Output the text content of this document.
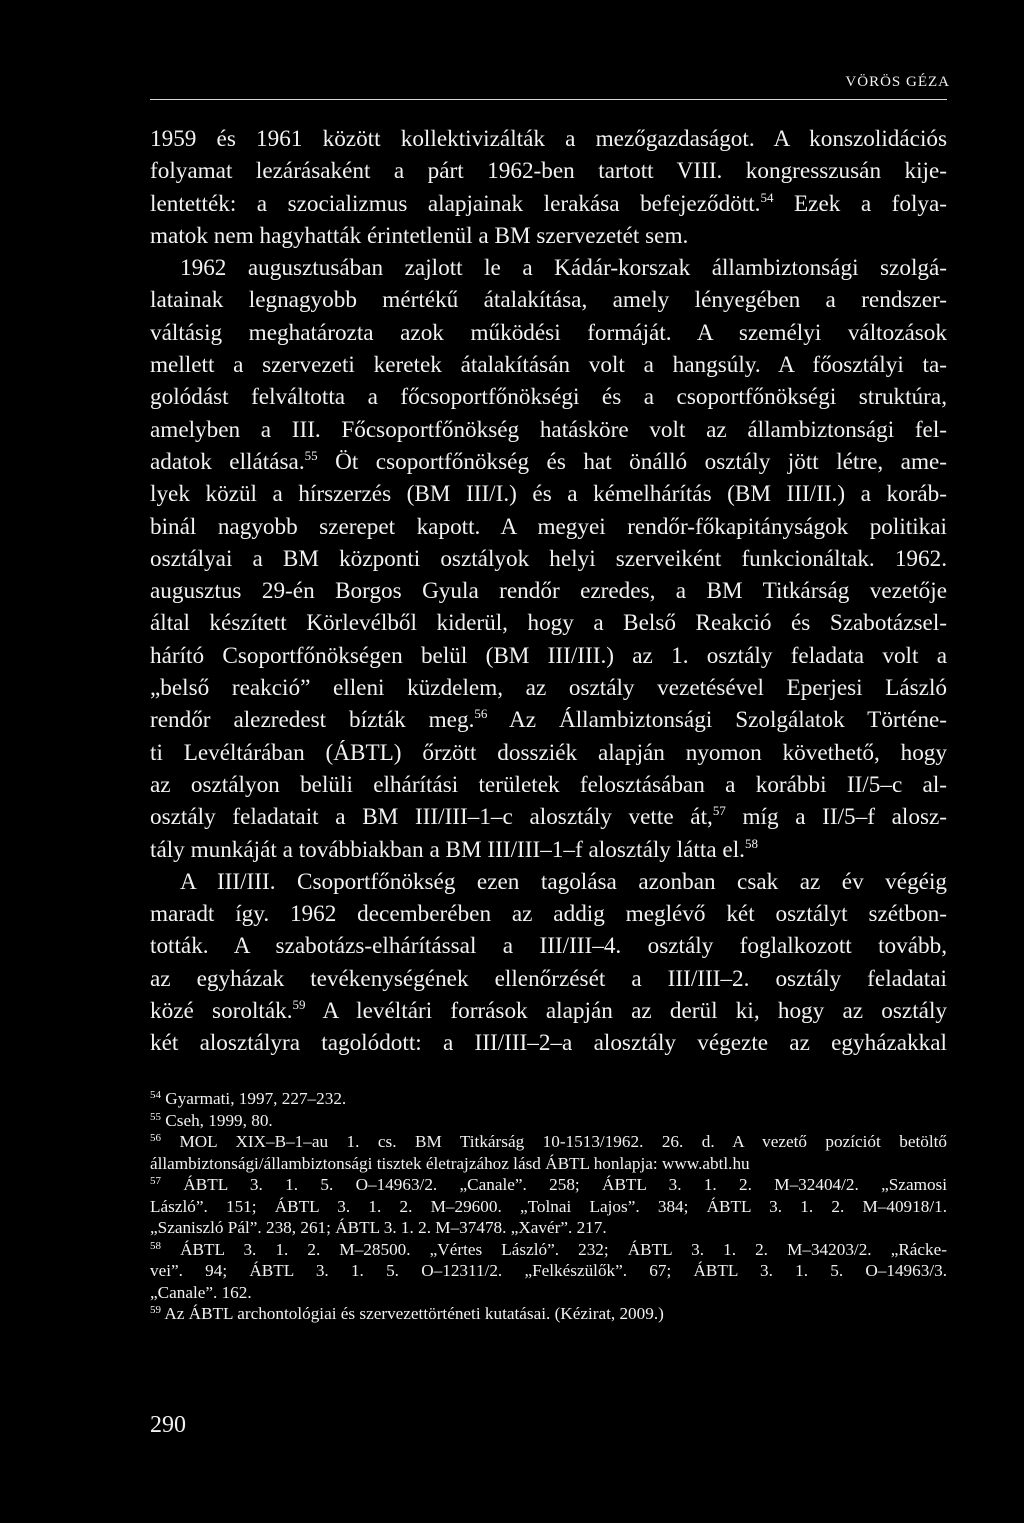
VÖRÖS GÉZA
1959 és 1961 között kollektivizálták a mezőgazdaságot. A konszolidációs
folyamat lezárásaként a párt 1962-ben tartott VIII. kongresszusán kije-
lentették: a szocializmus alapjainak lerakása befejeződött.$^{54}$ Ezek a folya-
matok nem hagyhatták érintetlenül a BM szervezetét sem.
1962 augusztusában zajlott le a Kádár-korszak állambiztonsági szolgá-
latainak legnagyobb mértékű átalakítása, amely lényegében a rendszer-
váltásig meghatározta azok működési formáját. A személyi változások
mellett a szervezeti keretek átalakításán volt a hangsúly. A főosztályi ta-
golódást felváltotta a főcsoportfőnökségi és a csoportfőnökségi struktúra,
amelyben a III. Főcsoportfőnökség hatásköre volt az állambiztonsági fel-
adatok ellátása.$^{55}$ Öt csoportfőnökség és hat önálló osztály jött létre, ame-
lyek közül a hírszerzés (BM III/I.) és a kémelhárítás (BM III/II.) a koráb-
binál nagyobb szerepet kapott. A megyei rendőr-főkapitányságok politikai
osztályai a BM központi osztályok helyi szerveiként funkcionáltak. 1962.
augusztus 29-én Borgos Gyula rendőr ezredes, a BM Titkárság vezetője
által készített Körlevélből kiderül, hogy a Belső Reakció és Szabotázsel-
hárító Csoportfőnökségen belül (BM III/III.) az 1. osztály feladata volt a
„belső reakció” elleni küzdelem, az osztály vezetésével Eperjesi László
rendőr alezredest bízták meg.$^{56}$ Az Állambiztonsági Szolgálatok Történe-
ti Levéltárában (ÁBTL) őrzött dossziék alapján nyomon követhető, hogy
az osztályon belüli elhárítási területek felosztásában a korábbi II/5–c al-
osztály feladatait a BM III/III–1–c alosztály vette át,$^{57}$ míg a II/5–f alosz-
tály munkáját a továbbiakban a BM III/III–1–f alosztály látta el.$^{58}$
A III/III. Csoportfőnökség ezen tagolása azonban csak az év végéig
maradt így. 1962 decemberében az addig meglévő két osztályt szétbon-
tották. A szabotázs-elhárítással a III/III–4. osztály foglalkozott tovább,
az egyházak tevékenységének ellenőrzését a III/III–2. osztály feladatai
közé sorolták.$^{59}$ A levéltári források alapján az derül ki, hogy az osztály
két alosztályra tagolódott: a III/III–2–a alosztály végezte az egyházakkal
$^{54}$ Gyarmati, 1997, 227–232.
$^{55}$ Cseh, 1999, 80.
$^{56}$ MOL XIX–B–1–au 1. cs. BM Titkárság 10-1513/1962. 26. d. A vezető pozíciót betöltő
állambiztonsági/állambiztonsági tisztek életrajzához lásd ÁBTL honlapja: www.abtl.hu
$^{57}$ ÁBTL 3. 1. 5. O–14963/2. „Canale”. 258; ÁBTL 3. 1. 2. M–32404/2. „Szamosi
László”. 151; ÁBTL 3. 1. 2. M–29600. „Tolnai Lajos”. 384; ÁBTL 3. 1. 2. M–40918/1.
„Szaniszló Pál”. 238, 261; ÁBTL 3. 1. 2. M–37478. „Xavér”. 217.
$^{58}$ ÁBTL 3. 1. 2. M–28500. „Vértes László”. 232; ÁBTL 3. 1. 2. M–34203/2. „Ráckе-
vei”. 94; ÁBTL 3. 1. 5. O–12311/2. „Felkészülők”. 67; ÁBTL 3. 1. 5. O–14963/3.
„Canale”. 162.
$^{59}$ Az ÁBTL archontológiai és szervezettörténeti kutatásai. (Kézirat, 2009.)
290
